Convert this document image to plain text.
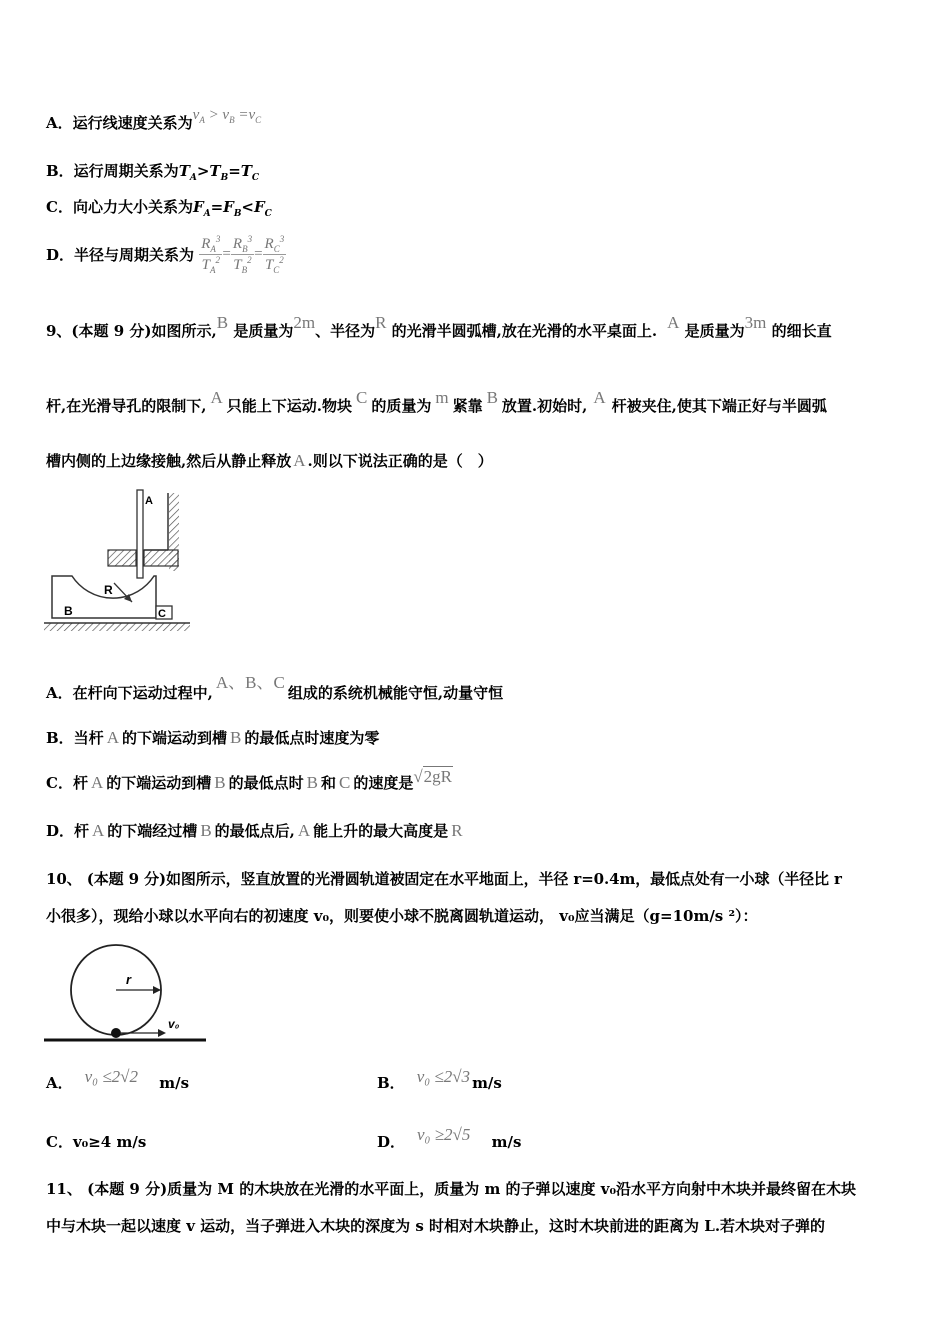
A．运行线速度关系为$v_A > v_B =v_C$
B．运行周期关系为$T_A>T_B=T_C$
C．向心力大小关系为$F_A=F_B<F_C$
D．半径与周期关系为 $\frac{R_A^3}{T_A^2} = \frac{R_B^3}{T_B^2} = \frac{R_C^3}{T_C^2}$
9、(本题 9 分)如图所示,B 是质量为2m、半径为R 的光滑半圆弧槽,放在光滑的水平桌面上. A 是质量为3m 的细长直
杆,在光滑导孔的限制下, A 只能上下运动.物块 C 的质量为 m 紧靠 B 放置.初始时, A 杆被夹住,使其下端正好与半圆弧
槽内侧的上边缘接触,然后从静止释放 A .则以下说法正确的是（　）
A
B
R
C
A．在杆向下运动过程中,A、B、C组成的系统机械能守恒,动量守恒
B．当杆 A 的下端运动到槽 B 的最低点时速度为零
C．杆 A 的下端运动到槽 B 的最低点时 B 和 C 的速度是√2gR
D．杆 A 的下端经过槽 B 的最低点后, A 能上升的最大高度是 R
10、 (本题 9 分)如图所示，竖直放置的光滑圆轨道被固定在水平地面上，半径 r=0.4m，最低点处有一小球（半径比 r
小很多），现给小球以水平向右的初速度 v₀，则要使小球不脱离圆轨道运动， v₀应当满足（g=10m/s ²）：
r
v₀
A． v₀ ≤2√2 m/s	B． v₀ ≤2√3 m/s
C．v₀≥4 m/s	D． v₀ ≥2√5 m/s
11、 (本题 9 分)质量为 M 的木块放在光滑的水平面上，质量为 m 的子弹以速度 v₀沿水平方向射中木块并最终留在木块
中与木块一起以速度 v 运动，当子弹进入木块的深度为 s 时相对木块静止，这时木块前进的距离为 L.若木块对子弹的
